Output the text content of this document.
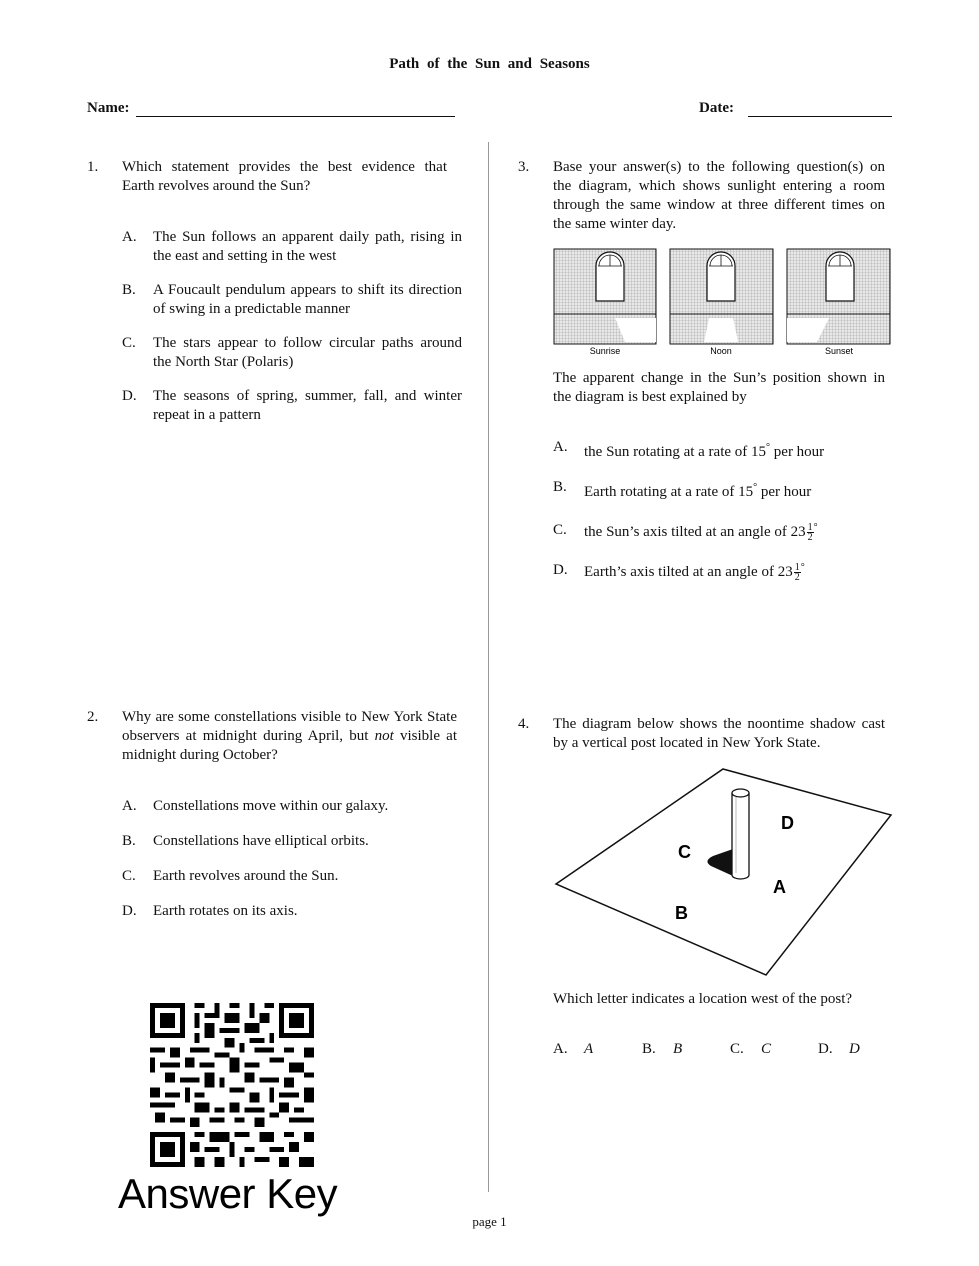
Path of the Sun and Seasons
Name:	Date:
1.	Which statement provides the best evidence that Earth revolves around the Sun?
A.	The Sun follows an apparent daily path, rising in the east and setting in the west
B.	A Foucault pendulum appears to shift its direction of swing in a predictable manner
C.	The stars appear to follow circular paths around the North Star (Polaris)
D.	The seasons of spring, summer, fall, and winter repeat in a pattern
2.	Why are some constellations visible to New York State observers at midnight during April, but not visible at midnight during October?
A.	Constellations move within our galaxy.
B.	Constellations have elliptical orbits.
C.	Earth revolves around the Sun.
D.	Earth rotates on its axis.
Answer Key
3.	Base your answer(s) to the following question(s) on the diagram, which shows sunlight entering a room through the same window at three different times on the same winter day.
Sunrise	Noon	Sunset
The apparent change in the Sun’s position shown in the diagram is best explained by
A.	the Sun rotating at a rate of 15° per hour
B.	Earth rotating at a rate of 15° per hour
C.	the Sun’s axis tilted at an angle of $23 \frac{1}{2} ^\circ$
D.	Earth’s axis tilted at an angle of $23 \frac{1}{2} ^\circ$
4.	The diagram below shows the noontime shadow cast by a vertical post located in New York State.
D
C
A
B
Which letter indicates a location west of the post?
A.	A	B.	B	C.	C	D.	D
page 1
